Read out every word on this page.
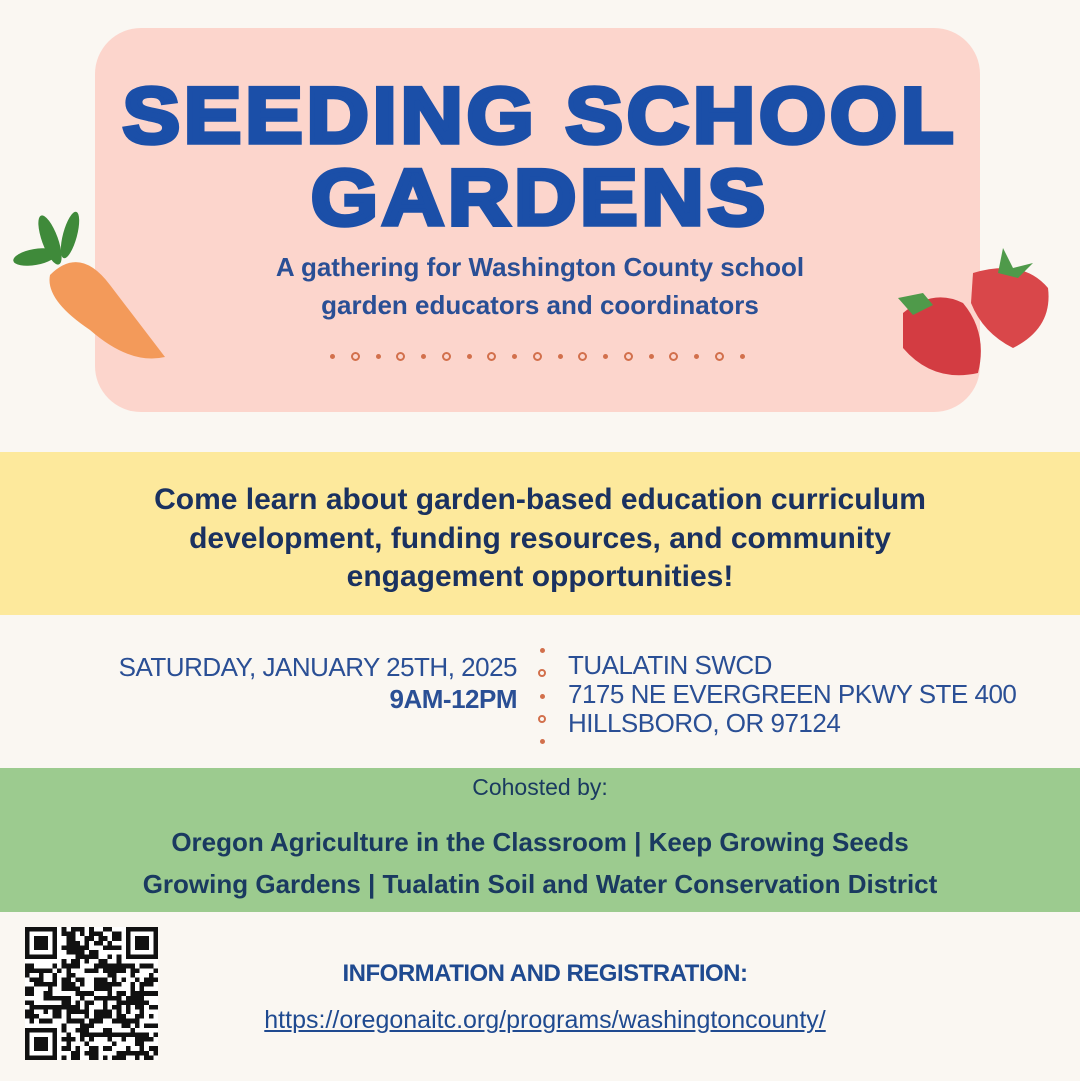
SEEDING SCHOOL
GARDENS
A gathering for Washington County school
garden educators and coordinators
Come learn about garden-based education curriculum
development, funding resources, and community
engagement opportunities!
SATURDAY, JANUARY 25TH, 2025
9AM-12PM
TUALATIN SWCD
7175 NE EVERGREEN PKWY STE 400
HILLSBORO, OR 97124
Cohosted by:
Oregon Agriculture in the Classroom | Keep Growing Seeds
Growing Gardens | Tualatin Soil and Water Conservation District
INFORMATION AND REGISTRATION:
https://oregonaitc.org/programs/washingtoncounty/
